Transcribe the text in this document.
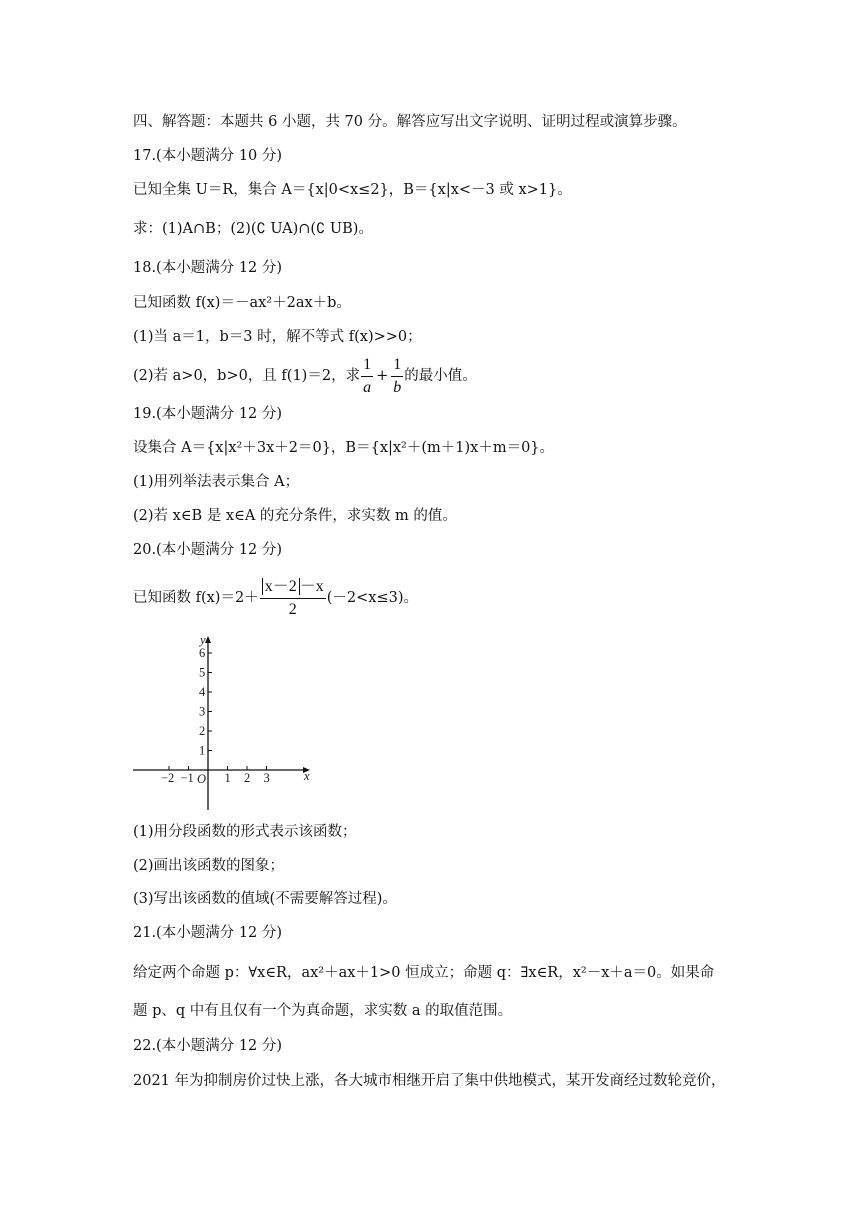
四、解答题：本题共 6 小题，共 70 分。解答应写出文字说明、证明过程或演算步骤。
17.(本小题满分 10 分)
已知全集 U＝R，集合 A＝{x|0<x≤2}，B＝{x|x<－3 或 x>1}。
求：(1)A∩B；(2)(∁ UA)∩(∁ UB)。
18.(本小题满分 12 分)
已知函数 f(x)＝－ax²＋2ax＋b。
(1)当 a＝1，b＝3 时，解不等式 f(x)>>0；
(2)若 a>0，b>0，且 f(1)＝2，求 $\frac{1}{a} + \frac{1}{b}$ 的最小值。
19.(本小题满分 12 分)
设集合 A＝{x|x²＋3x＋2＝0}，B＝{x|x²＋(m＋1)x＋m＝0}。
(1)用列举法表示集合 A；
(2)若 x∈B 是 x∈A 的充分条件，求实数 m 的值。
20.(本小题满分 12 分)
已知函数 $f(x)=2+ \frac{x-2 -x}{2} (-2<x\le 3)$。
y
x
O
−2 −1 1 2 3
1
2
3
4
5
6
(1)用分段函数的形式表示该函数；
(2)画出该函数的图象；
(3)写出该函数的值域(不需要解答过程)。
21.(本小题满分 12 分)
给定两个命题 p：∀x∈R，ax²＋ax＋1>0 恒成立；命题 q：∃x∈R，x²－x＋a＝0。如果命
题 p、q 中有且仅有一个为真命题，求实数 a 的取值范围。
22.(本小题满分 12 分)
2021 年为抑制房价过快上涨，各大城市相继开启了集中供地模式，某开发商经过数轮竞价，
